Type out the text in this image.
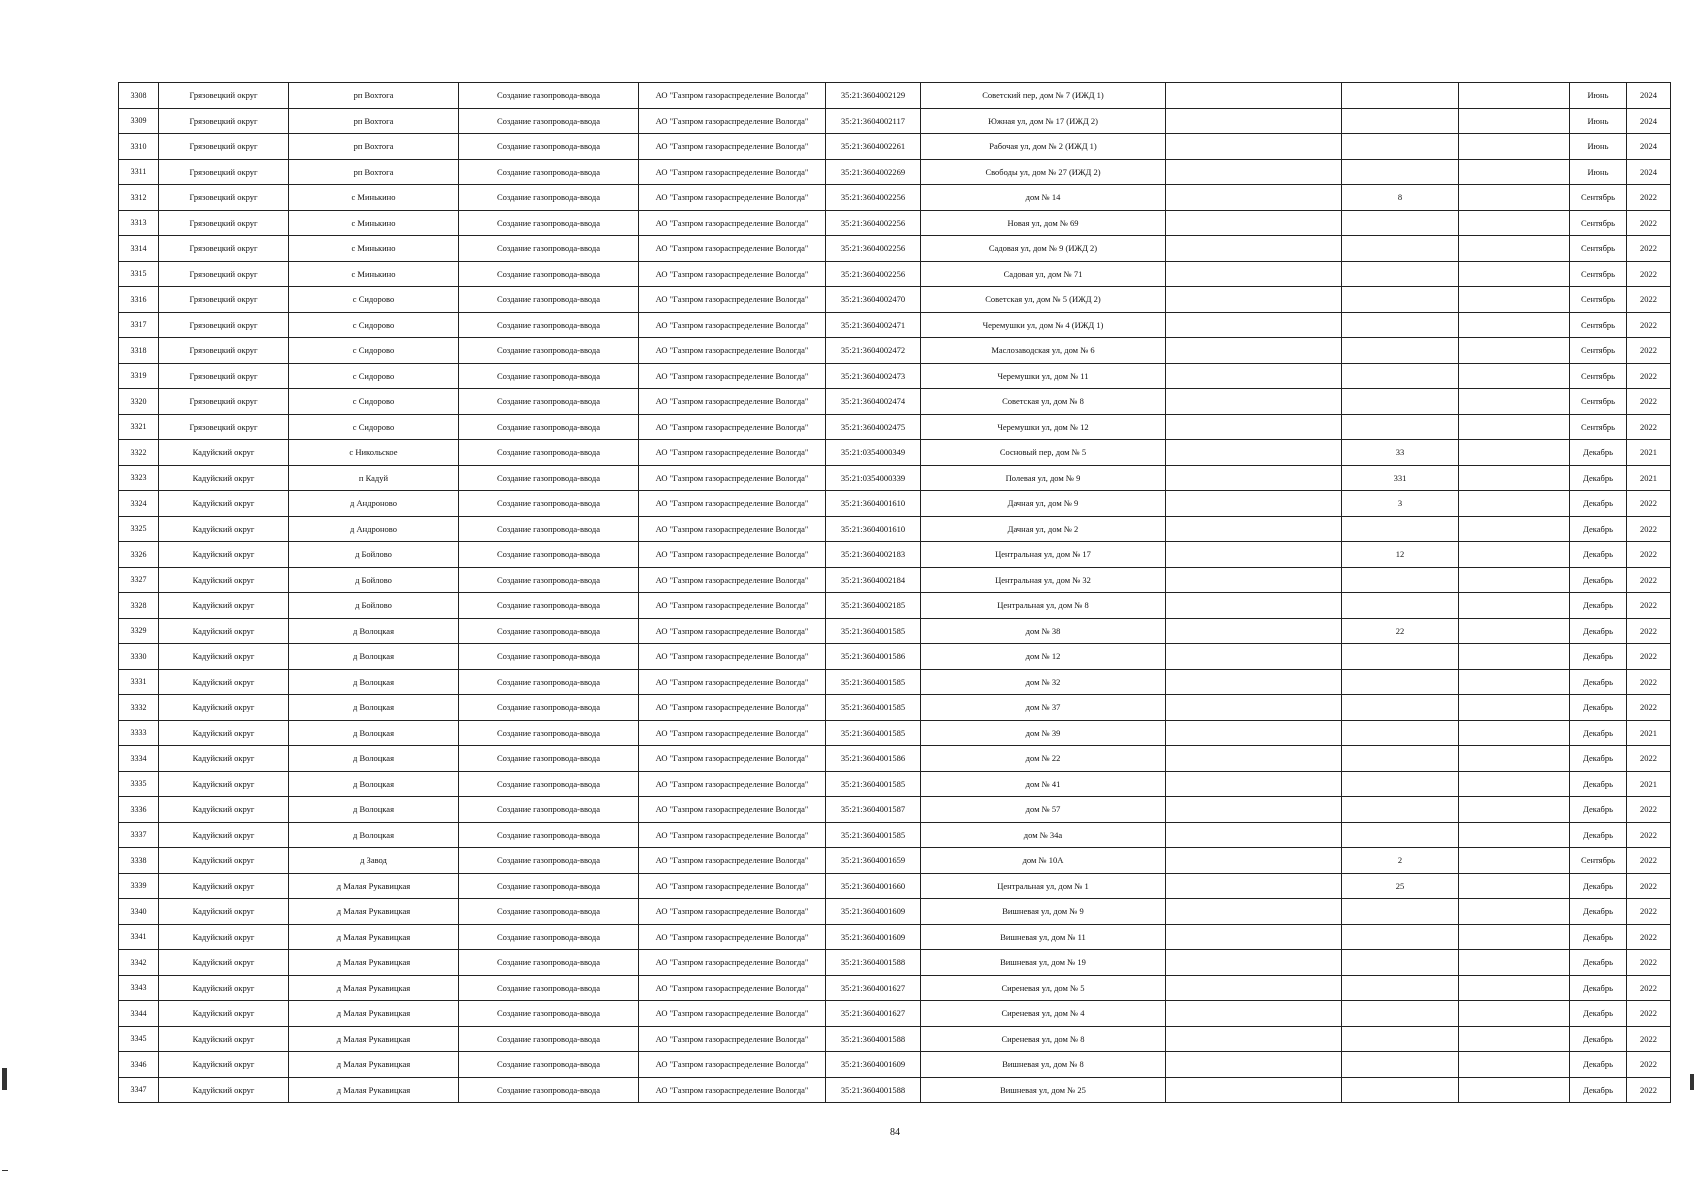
3308	Грязовецкий округ	рп Вохтога	Создание газопровода-ввода	АО "Газпром газораспределение Вологда"	35:21:3604002129	Советский пер, дом № 7 (ИЖД 1)				Июнь	2024
3309	Грязовецкий округ	рп Вохтога	Создание газопровода-ввода	АО "Газпром газораспределение Вологда"	35:21:3604002117	Южная ул, дом № 17 (ИЖД 2)				Июнь	2024
3310	Грязовецкий округ	рп Вохтога	Создание газопровода-ввода	АО "Газпром газораспределение Вологда"	35:21:3604002261	Рабочая ул, дом № 2 (ИЖД 1)				Июнь	2024
3311	Грязовецкий округ	рп Вохтога	Создание газопровода-ввода	АО "Газпром газораспределение Вологда"	35:21:3604002269	Свободы ул, дом № 27 (ИЖД 2)				Июнь	2024
3312	Грязовецкий округ	с Минькино	Создание газопровода-ввода	АО "Газпром газораспределение Вологда"	35:21:3604002256	дом № 14		8		Сентябрь	2022
3313	Грязовецкий округ	с Минькино	Создание газопровода-ввода	АО "Газпром газораспределение Вологда"	35:21:3604002256	Новая ул, дом № 69				Сентябрь	2022
3314	Грязовецкий округ	с Минькино	Создание газопровода-ввода	АО "Газпром газораспределение Вологда"	35:21:3604002256	Садовая ул, дом № 9 (ИЖД 2)				Сентябрь	2022
3315	Грязовецкий округ	с Минькино	Создание газопровода-ввода	АО "Газпром газораспределение Вологда"	35:21:3604002256	Садовая ул, дом № 71				Сентябрь	2022
3316	Грязовецкий округ	с Сидорово	Создание газопровода-ввода	АО "Газпром газораспределение Вологда"	35:21:3604002470	Советская ул, дом № 5 (ИЖД 2)				Сентябрь	2022
3317	Грязовецкий округ	с Сидорово	Создание газопровода-ввода	АО "Газпром газораспределение Вологда"	35:21:3604002471	Черемушки ул, дом № 4 (ИЖД 1)				Сентябрь	2022
3318	Грязовецкий округ	с Сидорово	Создание газопровода-ввода	АО "Газпром газораспределение Вологда"	35:21:3604002472	Маслозаводская ул, дом № 6				Сентябрь	2022
3319	Грязовецкий округ	с Сидорово	Создание газопровода-ввода	АО "Газпром газораспределение Вологда"	35:21:3604002473	Черемушки ул, дом № 11				Сентябрь	2022
3320	Грязовецкий округ	с Сидорово	Создание газопровода-ввода	АО "Газпром газораспределение Вологда"	35:21:3604002474	Советская ул, дом № 8				Сентябрь	2022
3321	Грязовецкий округ	с Сидорово	Создание газопровода-ввода	АО "Газпром газораспределение Вологда"	35:21:3604002475	Черемушки ул, дом № 12				Сентябрь	2022
3322	Кадуйский округ	с Никольское	Создание газопровода-ввода	АО "Газпром газораспределение Вологда"	35:21:0354000349	Сосновый пер, дом № 5		33		Декабрь	2021
3323	Кадуйский округ	п Кадуй	Создание газопровода-ввода	АО "Газпром газораспределение Вологда"	35:21:0354000339	Полевая ул, дом № 9		331		Декабрь	2021
3324	Кадуйский округ	д Андроново	Создание газопровода-ввода	АО "Газпром газораспределение Вологда"	35:21:3604001610	Дачная ул, дом № 9		3		Декабрь	2022
3325	Кадуйский округ	д Андроново	Создание газопровода-ввода	АО "Газпром газораспределение Вологда"	35:21:3604001610	Дачная ул, дом № 2				Декабрь	2022
3326	Кадуйский округ	д Бойлово	Создание газопровода-ввода	АО "Газпром газораспределение Вологда"	35:21:3604002183	Центральная ул, дом № 17		12		Декабрь	2022
3327	Кадуйский округ	д Бойлово	Создание газопровода-ввода	АО "Газпром газораспределение Вологда"	35:21:3604002184	Центральная ул, дом № 32				Декабрь	2022
3328	Кадуйский округ	д Бойлово	Создание газопровода-ввода	АО "Газпром газораспределение Вологда"	35:21:3604002185	Центральная ул, дом № 8				Декабрь	2022
3329	Кадуйский округ	д Волоцкая	Создание газопровода-ввода	АО "Газпром газораспределение Вологда"	35:21:3604001585	дом № 38		22		Декабрь	2022
3330	Кадуйский округ	д Волоцкая	Создание газопровода-ввода	АО "Газпром газораспределение Вологда"	35:21:3604001586	дом № 12				Декабрь	2022
3331	Кадуйский округ	д Волоцкая	Создание газопровода-ввода	АО "Газпром газораспределение Вологда"	35:21:3604001585	дом № 32				Декабрь	2022
3332	Кадуйский округ	д Волоцкая	Создание газопровода-ввода	АО "Газпром газораспределение Вологда"	35:21:3604001585	дом № 37				Декабрь	2022
3333	Кадуйский округ	д Волоцкая	Создание газопровода-ввода	АО "Газпром газораспределение Вологда"	35:21:3604001585	дом № 39				Декабрь	2021
3334	Кадуйский округ	д Волоцкая	Создание газопровода-ввода	АО "Газпром газораспределение Вологда"	35:21:3604001586	дом № 22				Декабрь	2022
3335	Кадуйский округ	д Волоцкая	Создание газопровода-ввода	АО "Газпром газораспределение Вологда"	35:21:3604001585	дом № 41				Декабрь	2021
3336	Кадуйский округ	д Волоцкая	Создание газопровода-ввода	АО "Газпром газораспределение Вологда"	35:21:3604001587	дом № 57				Декабрь	2022
3337	Кадуйский округ	д Волоцкая	Создание газопровода-ввода	АО "Газпром газораспределение Вологда"	35:21:3604001585	дом № 34а				Декабрь	2022
3338	Кадуйский округ	д Завод	Создание газопровода-ввода	АО "Газпром газораспределение Вологда"	35:21:3604001659	дом № 10А		2		Сентябрь	2022
3339	Кадуйский округ	д Малая Рукавицкая	Создание газопровода-ввода	АО "Газпром газораспределение Вологда"	35:21:3604001660	Центральная ул, дом № 1		25		Декабрь	2022
3340	Кадуйский округ	д Малая Рукавицкая	Создание газопровода-ввода	АО "Газпром газораспределение Вологда"	35:21:3604001609	Вишневая ул, дом № 9				Декабрь	2022
3341	Кадуйский округ	д Малая Рукавицкая	Создание газопровода-ввода	АО "Газпром газораспределение Вологда"	35:21:3604001609	Вишневая ул, дом № 11				Декабрь	2022
3342	Кадуйский округ	д Малая Рукавицкая	Создание газопровода-ввода	АО "Газпром газораспределение Вологда"	35:21:3604001588	Вишневая ул, дом № 19				Декабрь	2022
3343	Кадуйский округ	д Малая Рукавицкая	Создание газопровода-ввода	АО "Газпром газораспределение Вологда"	35:21:3604001627	Сиреневая ул, дом № 5				Декабрь	2022
3344	Кадуйский округ	д Малая Рукавицкая	Создание газопровода-ввода	АО "Газпром газораспределение Вологда"	35:21:3604001627	Сиреневая ул, дом № 4				Декабрь	2022
3345	Кадуйский округ	д Малая Рукавицкая	Создание газопровода-ввода	АО "Газпром газораспределение Вологда"	35:21:3604001588	Сиреневая ул, дом № 8				Декабрь	2022
3346	Кадуйский округ	д Малая Рукавицкая	Создание газопровода-ввода	АО "Газпром газораспределение Вологда"	35:21:3604001609	Вишневая ул, дом № 8				Декабрь	2022
3347	Кадуйский округ	д Малая Рукавицкая	Создание газопровода-ввода	АО "Газпром газораспределение Вологда"	35:21:3604001588	Вишневая ул, дом № 25				Декабрь	2022
84
